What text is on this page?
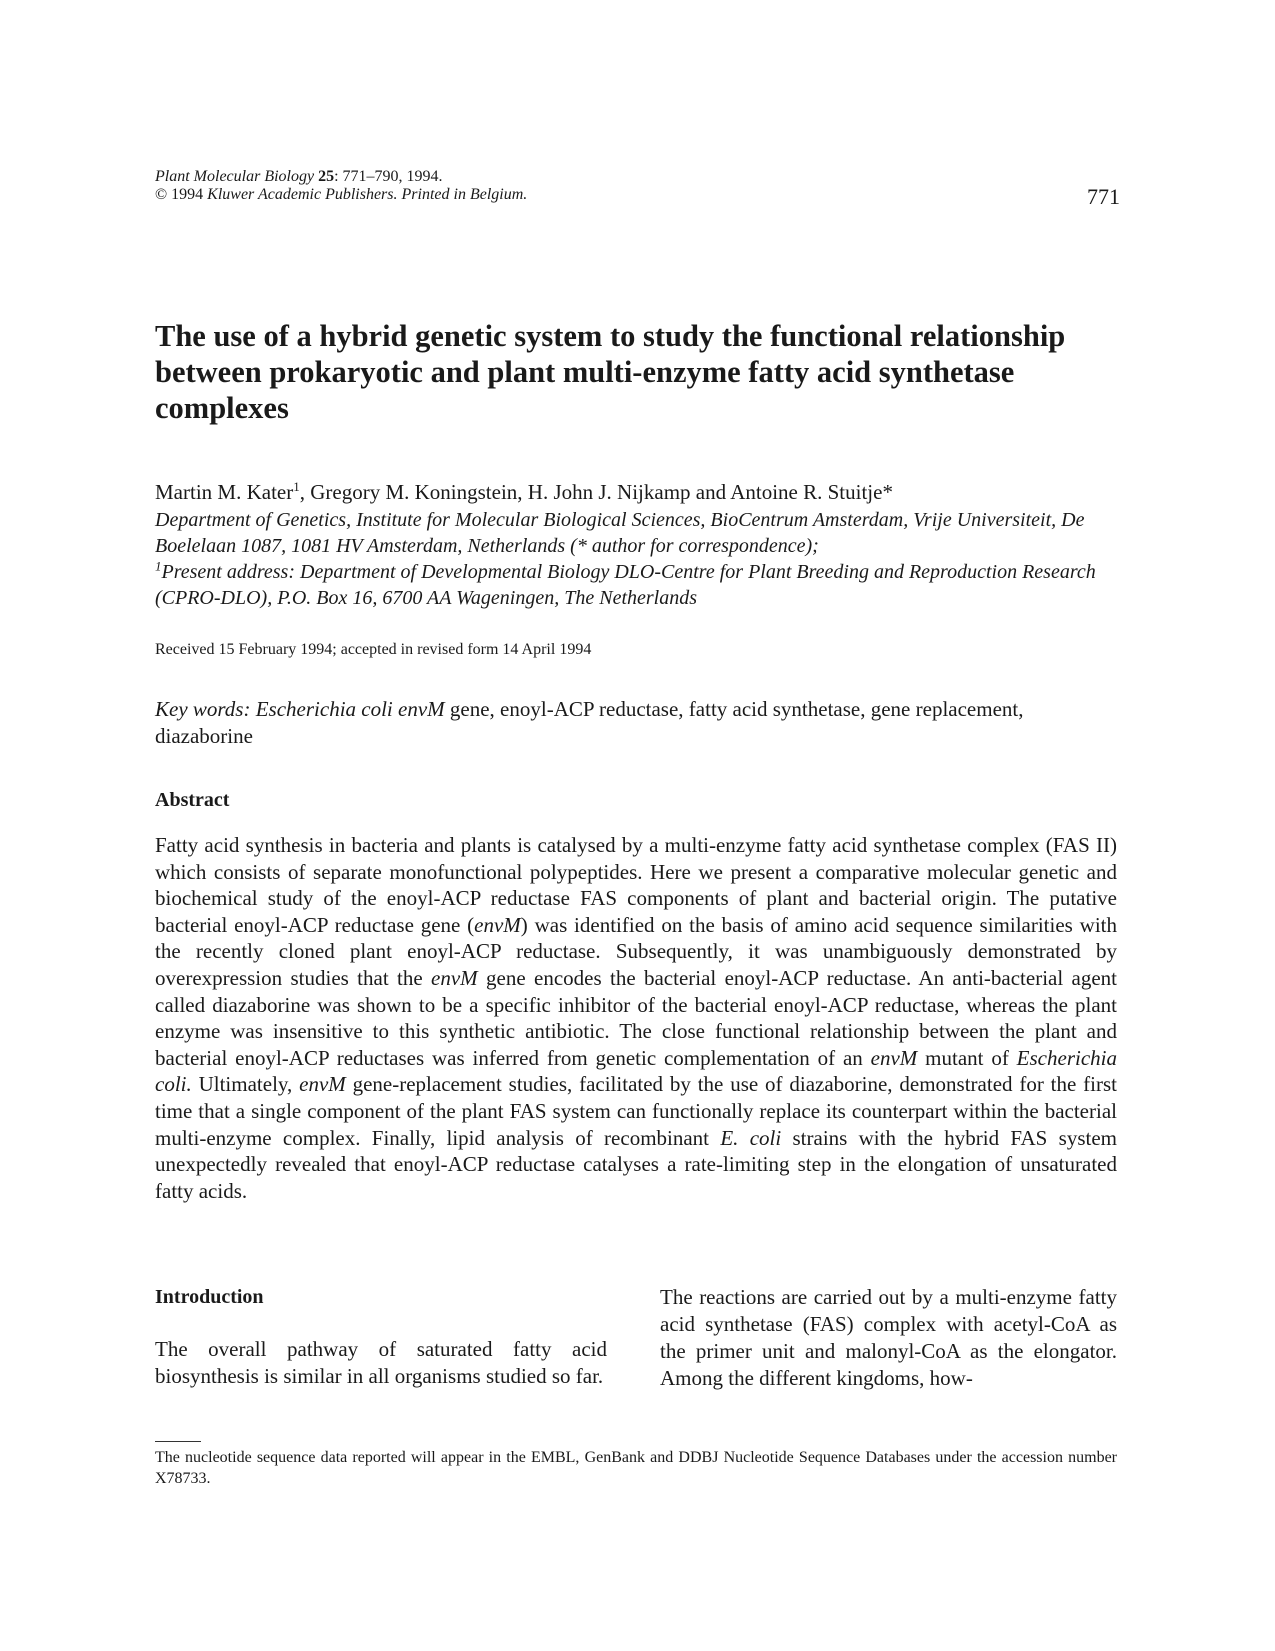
Plant Molecular Biology 25: 771–790, 1994.
© 1994 Kluwer Academic Publishers. Printed in Belgium.	771
The use of a hybrid genetic system to study the functional relationship between prokaryotic and plant multi-enzyme fatty acid synthetase complexes
Martin M. Kater$^1$, Gregory M. Koningstein, H. John J. Nijkamp and Antoine R. Stuitje*

Department of Genetics, Institute for Molecular Biological Sciences, BioCentrum Amsterdam, Vrije Universiteit, De Boelelaan 1087, 1081 HV Amsterdam, Netherlands (* author for correspondence);

$^1$Present address: Department of Developmental Biology DLO-Centre for Plant Breeding and Reproduction Research (CPRO-DLO), P.O. Box 16, 6700 AA Wageningen, The Netherlands

Received 15 February 1994; accepted in revised form 14 April 1994
Key words: Escherichia coli envM gene, enoyl-ACP reductase, fatty acid synthetase, gene replacement, diazaborine
Abstract

Fatty acid synthesis in bacteria and plants is catalysed by a multi-enzyme fatty acid synthetase complex (FAS II) which consists of separate monofunctional polypeptides. Here we present a comparative molecular genetic and biochemical study of the enoyl-ACP reductase FAS components of plant and bacterial origin. The putative bacterial enoyl-ACP reductase gene (envM) was identified on the basis of amino acid sequence similarities with the recently cloned plant enoyl-ACP reductase. Subsequently, it was unambiguously demonstrated by overexpression studies that the envM gene encodes the bacterial enoyl-ACP reductase. An anti-bacterial agent called diazaborine was shown to be a specific inhibitor of the bacterial enoyl-ACP reductase, whereas the plant enzyme was insensitive to this synthetic antibiotic. The close functional relationship between the plant and bacterial enoyl-ACP reductases was inferred from genetic complementation of an envM mutant of Escherichia coli. Ultimately, envM gene-replacement studies, facilitated by the use of diazaborine, demonstrated for the first time that a single component of the plant FAS system can functionally replace its counterpart within the bacterial multi-enzyme complex. Finally, lipid analysis of recombinant E. coli strains with the hybrid FAS system unexpectedly revealed that enoyl-ACP reductase catalyses a rate-limiting step in the elongation of unsaturated fatty acids.

Introduction

The overall pathway of saturated fatty acid biosynthesis is similar in all organisms studied so far.

The reactions are carried out by a multi-enzyme fatty acid synthetase (FAS) complex with acetyl-CoA as the primer unit and malonyl-CoA as the elongator. Among the different kingdoms, how-

The nucleotide sequence data reported will appear in the EMBL, GenBank and DDBJ Nucleotide Sequence Databases under the accession number X78733.
